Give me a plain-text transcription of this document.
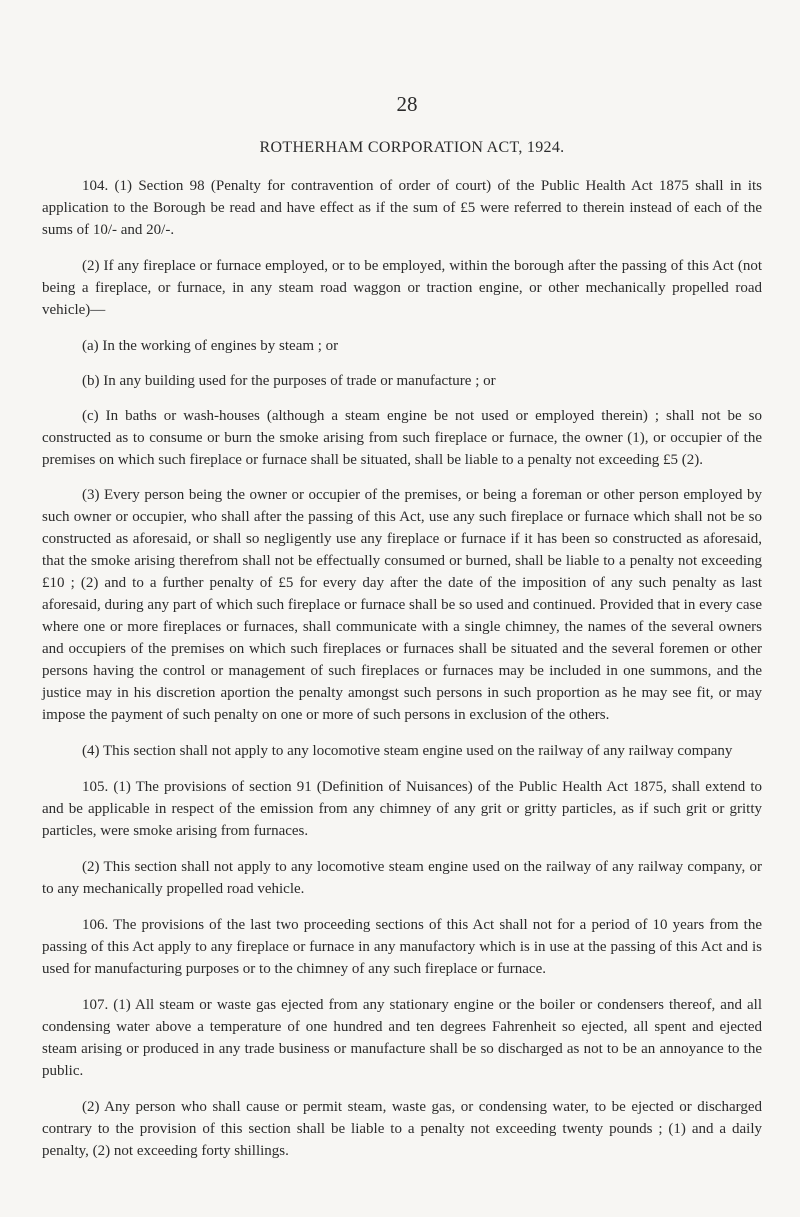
28
ROTHERHAM CORPORATION ACT, 1924.

104. (1) Section 98 (Penalty for contravention of order of court) of the Public Health Act 1875 shall in its application to the Borough be read and have effect as if the sum of £5 were referred to therein instead of each of the sums of 10/- and 20/-.

(2) If any fireplace or furnace employed, or to be employed, within the borough after the passing of this Act (not being a fireplace, or furnace, in any steam road waggon or traction engine, or other mechanically propelled road vehicle)—

(a) In the working of engines by steam ; or

(b) In any building used for the purposes of trade or manufacture ; or

(c) In baths or wash-houses (although a steam engine be not used or employed therein) ; shall not be so constructed as to consume or burn the smoke arising from such fireplace or furnace, the owner (1), or occupier of the premises on which such fireplace or furnace shall be situated, shall be liable to a penalty not exceeding £5 (2).

(3) Every person being the owner or occupier of the premises, or being a foreman or other person employed by such owner or occupier, who shall after the passing of this Act, use any such fireplace or furnace which shall not be so constructed as aforesaid, or shall so negligently use any fireplace or furnace if it has been so constructed as aforesaid, that the smoke arising therefrom shall not be effectually consumed or burned, shall be liable to a penalty not exceeding £10 ; (2) and to a further penalty of £5 for every day after the date of the imposition of any such penalty as last aforesaid, during any part of which such fireplace or furnace shall be so used and continued. Provided that in every case where one or more fireplaces or furnaces, shall communicate with a single chimney, the names of the several owners and occupiers of the premises on which such fireplaces or furnaces shall be situated and the several foremen or other persons having the control or management of such fireplaces or furnaces may be included in one summons, and the justice may in his discretion aportion the penalty amongst such persons in such proportion as he may see fit, or may impose the payment of such penalty on one or more of such persons in exclusion of the others.

(4) This section shall not apply to any locomotive steam engine used on the railway of any railway company

105. (1) The provisions of section 91 (Definition of Nuisances) of the Public Health Act 1875, shall extend to and be applicable in respect of the emission from any chimney of any grit or gritty particles, as if such grit or gritty particles, were smoke arising from furnaces.

(2) This section shall not apply to any locomotive steam engine used on the railway of any railway company, or to any mechanically propelled road vehicle.

106. The provisions of the last two proceeding sections of this Act shall not for a period of 10 years from the passing of this Act apply to any fireplace or furnace in any manufactory which is in use at the passing of this Act and is used for manufacturing purposes or to the chimney of any such fireplace or furnace.

107. (1) All steam or waste gas ejected from any stationary engine or the boiler or condensers thereof, and all condensing water above a temperature of one hundred and ten degrees Fahrenheit so ejected, all spent and ejected steam arising or produced in any trade business or manufacture shall be so discharged as not to be an annoyance to the public.

(2) Any person who shall cause or permit steam, waste gas, or condensing water, to be ejected or discharged contrary to the provision of this section shall be liable to a penalty not exceeding twenty pounds ; (1) and a daily penalty, (2) not exceeding forty shillings.
